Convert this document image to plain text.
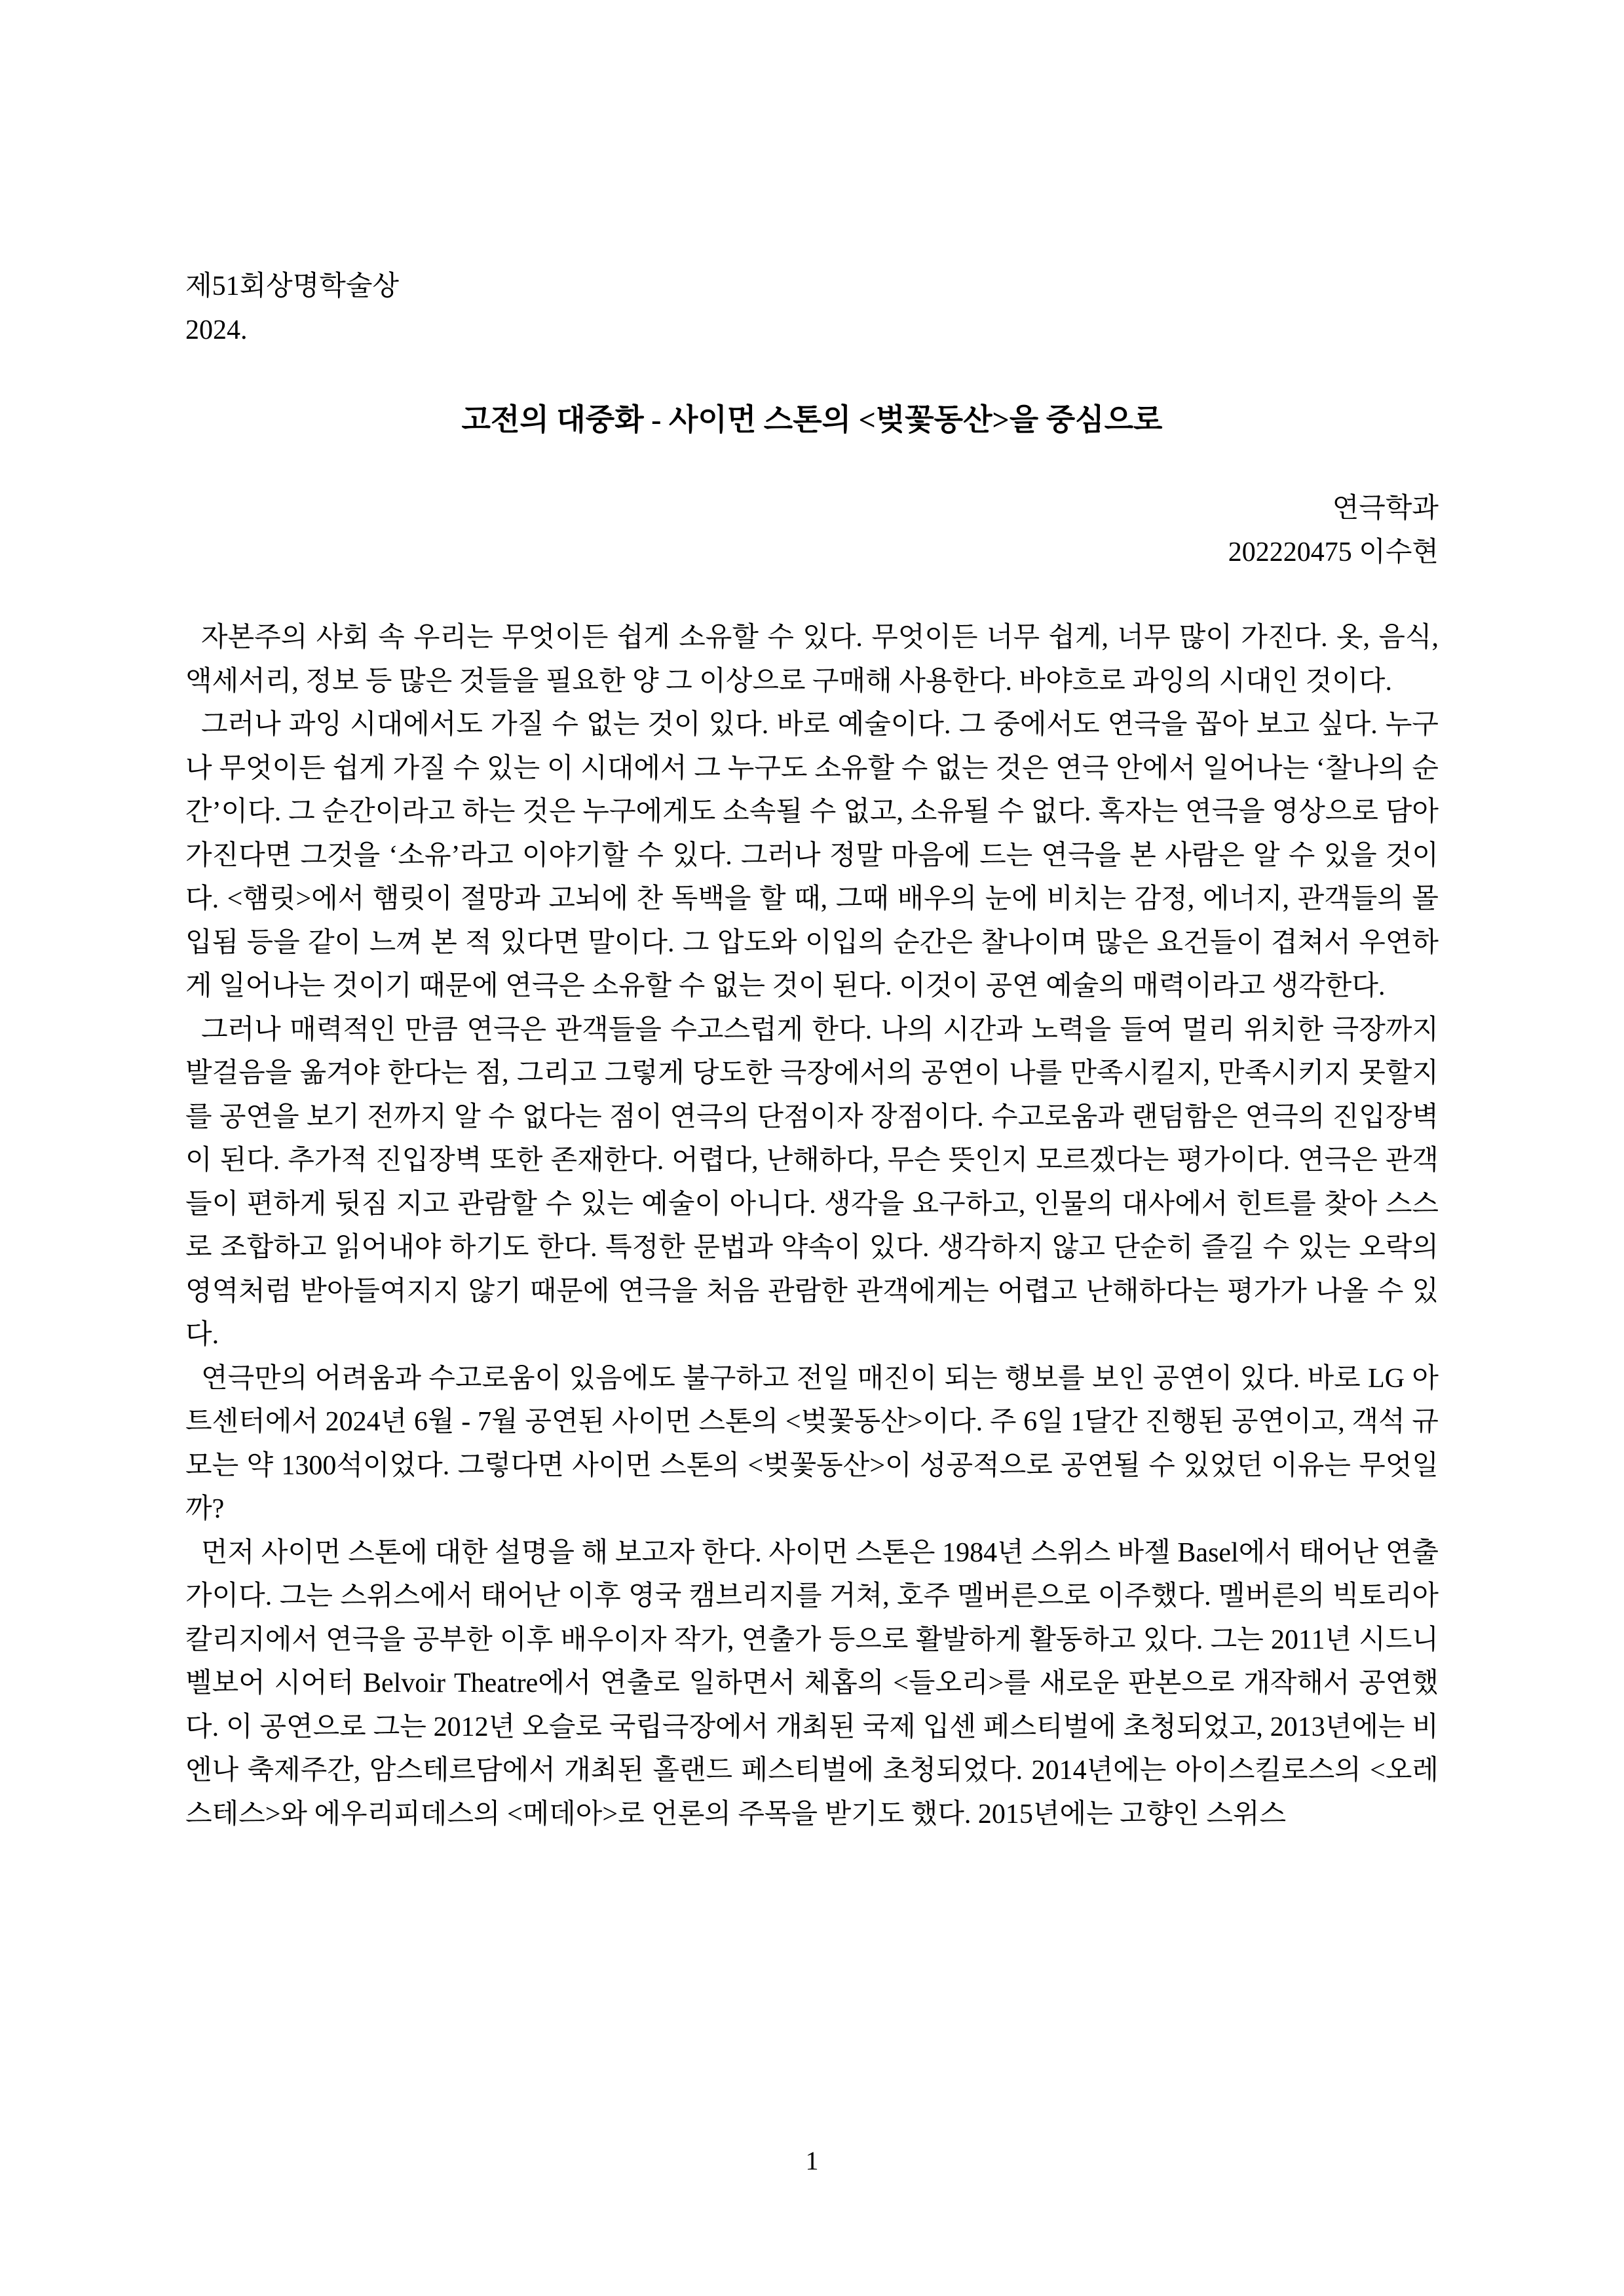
제51회상명학술상

2024.

고전의 대중화 - 사이먼 스톤의 <벚꽃동산>을 중심으로

연극학과

202220475 이수현

자본주의 사회 속 우리는 무엇이든 쉽게 소유할 수 있다. 무엇이든 너무 쉽게, 너무 많이 가진다. 옷, 음식, 액세서리, 정보 등 많은 것들을 필요한 양 그 이상으로 구매해 사용한다. 바야흐로 과잉의 시대인 것이다.

그러나 과잉 시대에서도 가질 수 없는 것이 있다. 바로 예술이다. 그 중에서도 연극을 꼽아 보고 싶다. 누구나 무엇이든 쉽게 가질 수 있는 이 시대에서 그 누구도 소유할 수 없는 것은 연극 안에서 일어나는 ‘찰나의 순간’이다. 그 순간이라고 하는 것은 누구에게도 소속될 수 없고, 소유될 수 없다. 혹자는 연극을 영상으로 담아 가진다면 그것을 ‘소유’라고 이야기할 수 있다. 그러나 정말 마음에 드는 연극을 본 사람은 알 수 있을 것이다. <햄릿>에서 햄릿이 절망과 고뇌에 찬 독백을 할 때, 그때 배우의 눈에 비치는 감정, 에너지, 관객들의 몰입됨 등을 같이 느껴 본 적 있다면 말이다. 그 압도와 이입의 순간은 찰나이며 많은 요건들이 겹쳐서 우연하게 일어나는 것이기 때문에 연극은 소유할 수 없는 것이 된다. 이것이 공연 예술의 매력이라고 생각한다.

그러나 매력적인 만큼 연극은 관객들을 수고스럽게 한다. 나의 시간과 노력을 들여 멀리 위치한 극장까지 발걸음을 옮겨야 한다는 점, 그리고 그렇게 당도한 극장에서의 공연이 나를 만족시킬지, 만족시키지 못할지를 공연을 보기 전까지 알 수 없다는 점이 연극의 단점이자 장점이다. 수고로움과 랜덤함은 연극의 진입장벽이 된다. 추가적 진입장벽 또한 존재한다. 어렵다, 난해하다, 무슨 뜻인지 모르겠다는 평가이다. 연극은 관객들이 편하게 뒷짐 지고 관람할 수 있는 예술이 아니다. 생각을 요구하고, 인물의 대사에서 힌트를 찾아 스스로 조합하고 읽어내야 하기도 한다. 특정한 문법과 약속이 있다. 생각하지 않고 단순히 즐길 수 있는 오락의 영역처럼 받아들여지지 않기 때문에 연극을 처음 관람한 관객에게는 어렵고 난해하다는 평가가 나올 수 있다.

연극만의 어려움과 수고로움이 있음에도 불구하고 전일 매진이 되는 행보를 보인 공연이 있다. 바로 LG 아트센터에서 2024년 6월 - 7월 공연된 사이먼 스톤의 <벚꽃동산>이다. 주 6일 1달간 진행된 공연이고, 객석 규모는 약 1300석이었다. 그렇다면 사이먼 스톤의 <벚꽃동산>이 성공적으로 공연될 수 있었던 이유는 무엇일까?

먼저 사이먼 스톤에 대한 설명을 해 보고자 한다. 사이먼 스톤은 1984년 스위스 바젤 Basel에서 태어난 연출가이다. 그는 스위스에서 태어난 이후 영국 캠브리지를 거쳐, 호주 멜버른으로 이주했다. 멜버른의 빅토리아 칼리지에서 연극을 공부한 이후 배우이자 작가, 연출가 등으로 활발하게 활동하고 있다. 그는 2011년 시드니 벨보어 시어터 Belvoir Theatre에서 연출로 일하면서 체홉의 <들오리>를 새로운 판본으로 개작해서 공연했다. 이 공연으로 그는 2012년 오슬로 국립극장에서 개최된 국제 입센 페스티벌에 초청되었고, 2013년에는 비엔나 축제주간, 암스테르담에서 개최된 홀랜드 페스티벌에 초청되었다. 2014년에는 아이스킬로스의 <오레스테스>와 에우리피데스의 <메데아>로 언론의 주목을 받기도 했다. 2015년에는 고향인 스위스

1
